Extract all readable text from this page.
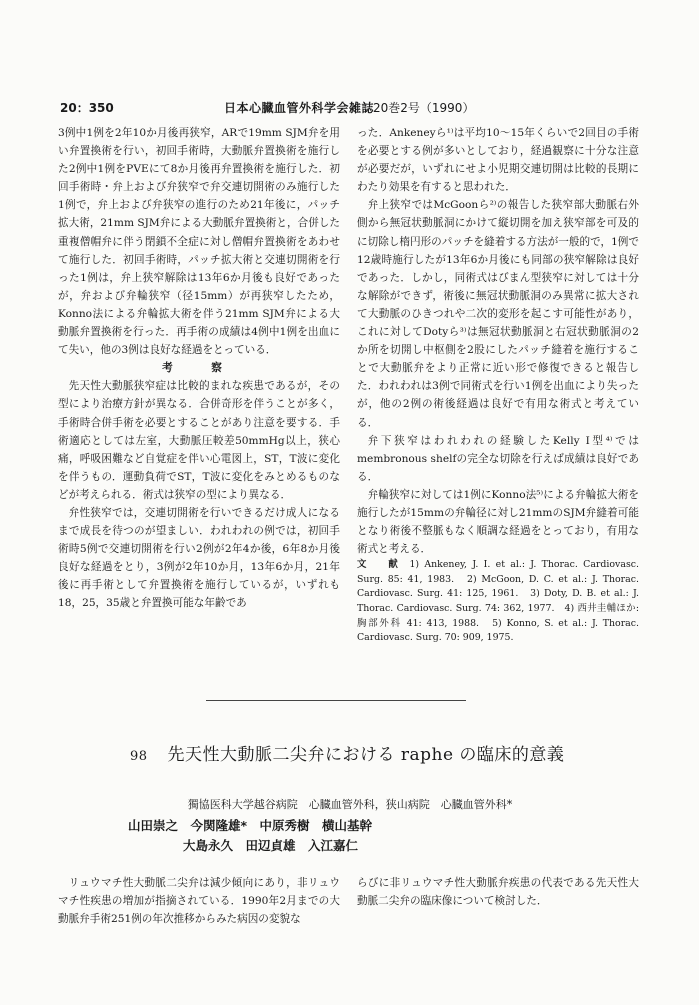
20：350	日本心臓血管外科学会雑誌
20巻2号（1990）

3例中1例を2年10か月後再狭窄，ARで19mm SJM弁を用い弁置換術を行い，初回手術時，大動脈弁置換術を施行した2例中1例をPVEにて8か月後再弁置換術を施行した．初回手術時・弁上および弁狭窄で弁交連切開術のみ施行した1例で，弁上および弁狭窄の進行のため21年後に，パッチ拡大術，21mm SJM弁による大動脈弁置換術と，合併した重複僧帽弁に伴う閉鎖不全症に対し僧帽弁置換術をあわせて施行した．初回手術時，パッチ拡大術と交連切開術を行った1例は，弁上狭窄解除は13年6か月後も良好であったが，弁および弁輪狭窄（径15mm）が再狭窄したため，Konno法による弁輪拡大術を伴う21mm SJM弁による大動脈弁置換術を行った．再手術の成績は4例中1例を出血にて失い，他の3例は良好な経過をとっている．

考　察

先天性大動脈狭窄症は比較的まれな疾患であるが，その型により治療方針が異なる．合併奇形を伴うことが多く，手術時合併手術を必要とすることがあり注意を要する．手術適応としては左室，大動脈圧較差50mmHg以上，狭心痛，呼吸困難など自覚症を伴い心電図上，ST，T波に変化を伴うもの．運動負荷でST，T波に変化をみとめるものなどが考えられる．術式は狭窄の型により異なる．

弁性狭窄では，交連切開術を行いできるだけ成人になるまで成長を待つのが望ましい．われわれの例では，初回手術時5例で交連切開術を行い2例が2年4か後，6年8か月後良好な経過をとり，3例が2年10か月，13年6か月，21年後に再手術として弁置換術を施行しているが，いずれも18，25，35歳と弁置換可能な年齢であ

った．Ankeneyら¹⁾は平均10〜15年くらいで2回目の手術を必要とする例が多いとしており，経過観察に十分な注意が必要だが，いずれにせよ小児期交連切開は比較的長期にわたり効果を有すると思われた．

弁上狭窄ではMcGoonら²⁾の報告した狭窄部大動脈右外側から無冠状動脈洞にかけて縦切開を加え狭窄部を可及的に切除し楕円形のパッチを縫着する方法が一般的で，1例で12歳時施行したが13年6か月後にも同部の狭窄解除は良好であった．しかし，同術式はびまん型狭窄に対しては十分な解除ができず，術後に無冠状動脈洞のみ異常に拡大されて大動脈のひきつれや二次的変形を起こす可能性があり，これに対してDotyら³⁾は無冠状動脈洞と右冠状動脈洞の2か所を切開し中枢側を2股にしたパッチ縫着を施行することで大動脈弁をより正常に近い形で修復できると報告した．われわれは3例で同術式を行い1例を出血により失ったが，他の2例の術後経過は良好で有用な術式と考えている．

弁下狭窄はわれわれの経験したKelly I型⁴⁾ではmembronous shelfの完全な切除を行えば成績は良好である．

弁輪狭窄に対しては1例にKonno法⁵⁾による弁輪拡大術を施行したが15mmの弁輪径に対し21mmのSJM弁縫着可能となり術後不整脈もなく順調な経過をとっており，有用な術式と考える．

文　献 1) Ankeney, J. I. et al.: J. Thorac. Cardiovasc. Surg. 85: 41, 1983.　2) McGoon, D. C. et al.: J. Thorac. Cardiovasc. Surg. 41: 125, 1961.　3) Doty, D. B. et al.: J. Thorac. Cardiovasc. Surg. 74: 362, 1977.　4) 西井圭輔ほか: 胸部外科 41: 413, 1988.　5) Konno, S. et al.: J. Thorac. Cardiovasc. Surg. 70: 909, 1975.

98 先天性大動脈二尖弁における raphe の臨床的意義
獨協医科大学越谷病院　心臓血管外科，狭山病院　心臓血管外科*
山田崇之　今関隆雄*　中原秀樹　横山基幹
大島永久　田辺貞雄　入江嘉仁

リュウマチ性大動脈二尖弁は減少傾向にあり，非リュウマチ性疾患の増加が指摘されている．1990年2月までの大動脈弁手術251例の年次推移からみた病因の変貌な

らびに非リュウマチ性大動脈弁疾患の代表である先天性大動脈二尖弁の臨床像について検討した．
